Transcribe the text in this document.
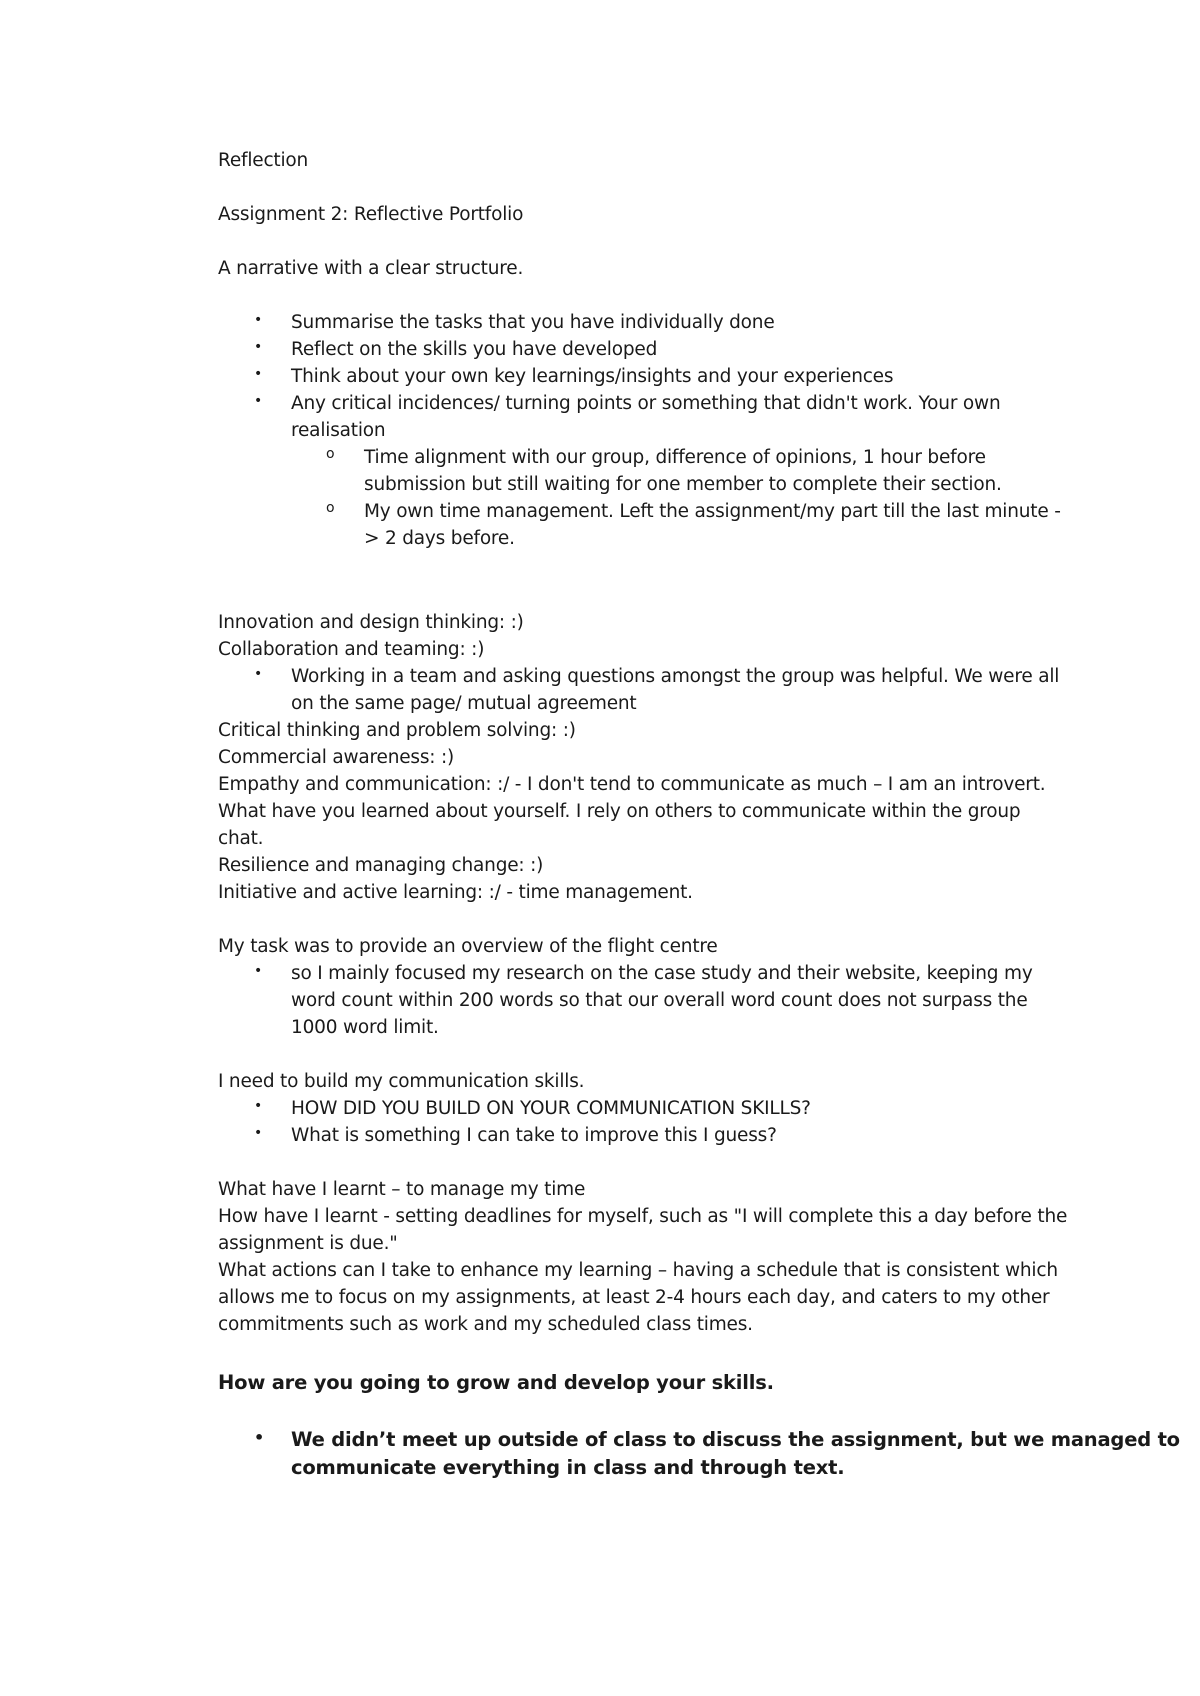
Reflection
Assignment 2: Reflective Portfolio
A narrative with a clear structure.
• Summarise the tasks that you have individually done
• Reflect on the skills you have developed
• Think about your own key learnings/insights and your experiences
• Any critical incidences/ turning points or something that didn't work. Your own
realisation
o Time alignment with our group, difference of opinions, 1 hour before
submission but still waiting for one member to complete their section.
o My own time management. Left the assignment/my part till the last minute -
> 2 days before.
Innovation and design thinking: :)
Collaboration and teaming: :)
• Working in a team and asking questions amongst the group was helpful. We were all
on the same page/ mutual agreement
Critical thinking and problem solving: :)
Commercial awareness: :)
Empathy and communication: :/ - I don't tend to communicate as much – I am an introvert.
What have you learned about yourself. I rely on others to communicate within the group
chat.
Resilience and managing change: :)
Initiative and active learning: :/ - time management.
My task was to provide an overview of the flight centre
• so I mainly focused my research on the case study and their website, keeping my
word count within 200 words so that our overall word count does not surpass the
1000 word limit.
I need to build my communication skills.
• HOW DID YOU BUILD ON YOUR COMMUNICATION SKILLS?
• What is something I can take to improve this I guess?
What have I learnt – to manage my time
How have I learnt - setting deadlines for myself, such as "I will complete this a day before the
assignment is due."
What actions can I take to enhance my learning – having a schedule that is consistent which
allows me to focus on my assignments, at least 2-4 hours each day, and caters to my other
commitments such as work and my scheduled class times.
How are you going to grow and develop your skills.
• We didn’t meet up outside of class to discuss the assignment, but we managed to
communicate everything in class and through text.
